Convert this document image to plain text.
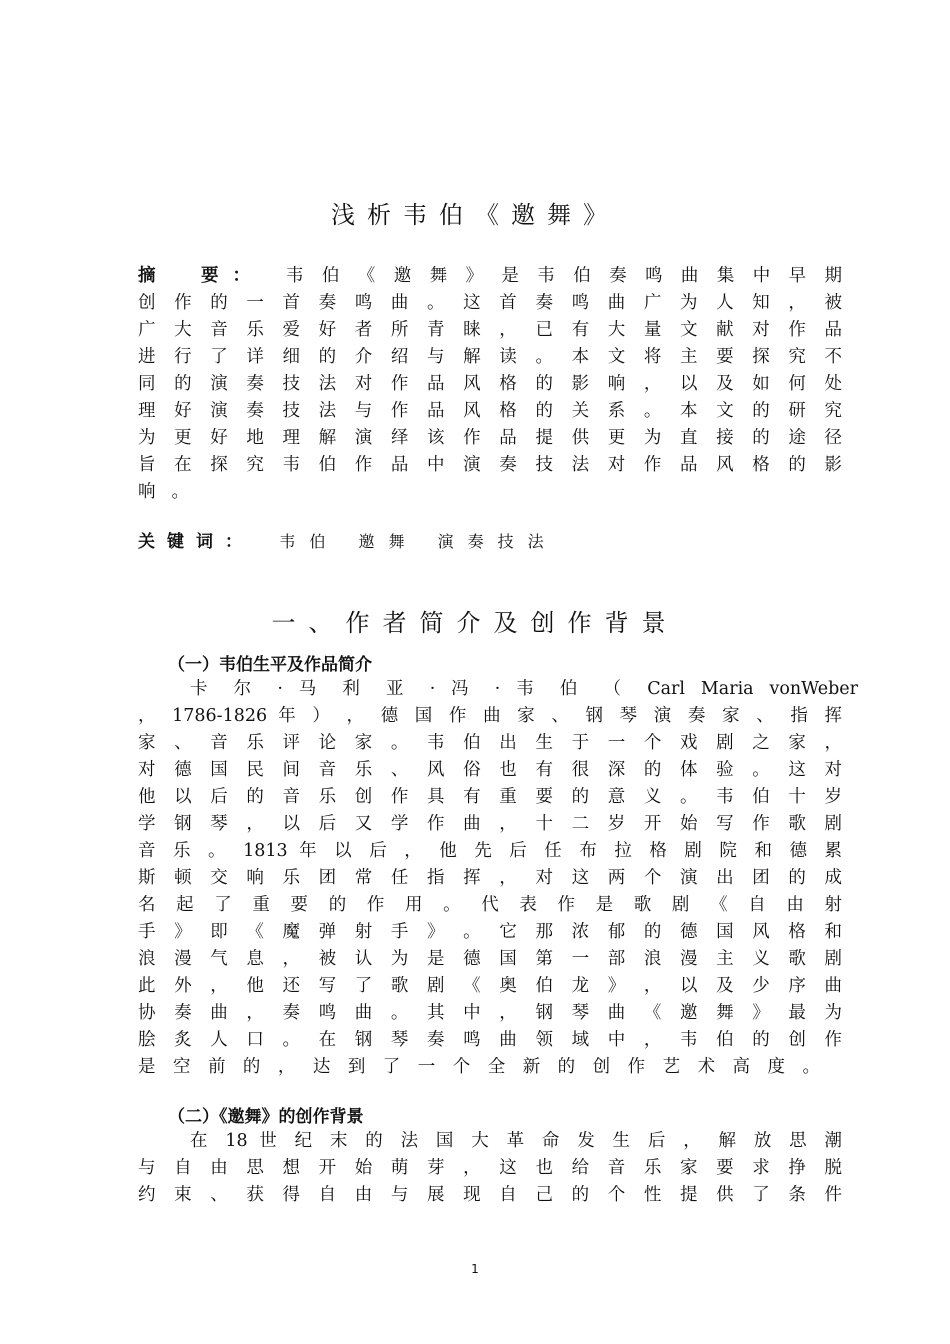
浅析韦伯《邀舞》
摘　要：	韦 伯 《 邀 舞 》 是 韦 伯 奏 鸣 曲 集 中 早 期
创 作 的 一 首 奏 鸣 曲 。 这 首 奏 鸣 曲 广 为 人 知 ， 被
广 大 音 乐 爱 好 者 所 青 睐 ， 已 有 大 量 文 献 对 作 品
进 行 了 详 细 的 介 绍 与 解 读 。 本 文 将 主 要 探 究 不
同 的 演 奏 技 法 对 作 品 风 格 的 影 响 ， 以 及 如 何 处
理 好 演 奏 技 法 与 作 品 风 格 的 关 系 。 本 文 的 研 究
为 更 好 地 理 解 演 绎 该 作 品 提 供 更 为 直 接 的 途 径
旨 在 探 究 韦 伯 作 品 中 演 奏 技 法 对 作 品 风 格 的 影
响。
关键词： 韦伯 邀舞 演奏技法
一、作者简介及创作背景
（一）韦伯生平及作品简介
卡 尔 · 马 利 亚 · 冯 · 韦 伯 （ Carl Maria vonWeber
， 1786-1826 年 ） ， 德 国 作 曲 家 、 钢 琴 演 奏 家 、 指 挥
家 、 音 乐 评 论 家 。 韦 伯 出 生 于 一 个 戏 剧 之 家 ，
对 德 国 民 间 音 乐 、 风 俗 也 有 很 深 的 体 验 。 这 对
他 以 后 的 音 乐 创 作 具 有 重 要 的 意 义 。 韦 伯 十 岁
学 钢 琴 ， 以 后 又 学 作 曲 ， 十 二 岁 开 始 写 作 歌 剧
音 乐 。 1813 年 以 后 ， 他 先 后 任 布 拉 格 剧 院 和 德 累
斯 顿 交 响 乐 团 常 任 指 挥 ， 对 这 两 个 演 出 团 的 成
名 起 了 重 要 的 作 用 。 代 表 作 是 歌 剧 《 自 由 射
手 》 即 《 魔 弹 射 手 》 。 它 那 浓 郁 的 德 国 风 格 和
浪 漫 气 息 ， 被 认 为 是 德 国 第 一 部 浪 漫 主 义 歌 剧
此 外 ， 他 还 写 了 歌 剧 《 奥 伯 龙 》 ， 以 及 少 序 曲
协 奏 曲 ， 奏 鸣 曲 。 其 中 ， 钢 琴 曲 《 邀 舞 》 最 为
脍 炙 人 口 。 在 钢 琴 奏 鸣 曲 领 域 中 ， 韦 伯 的 创 作
是 空 前 的 ， 达 到 了 一 个 全 新 的 创 作 艺 术 高 度 。
（二）《邀舞》的创作背景
在 18 世 纪 末 的 法 国 大 革 命 发 生 后 ， 解 放 思 潮
与 自 由 思 想 开 始 萌 芽 ， 这 也 给 音 乐 家 要 求 挣 脱
约 束 、 获 得 自 由 与 展 现 自 己 的 个 性 提 供 了 条 件
1
